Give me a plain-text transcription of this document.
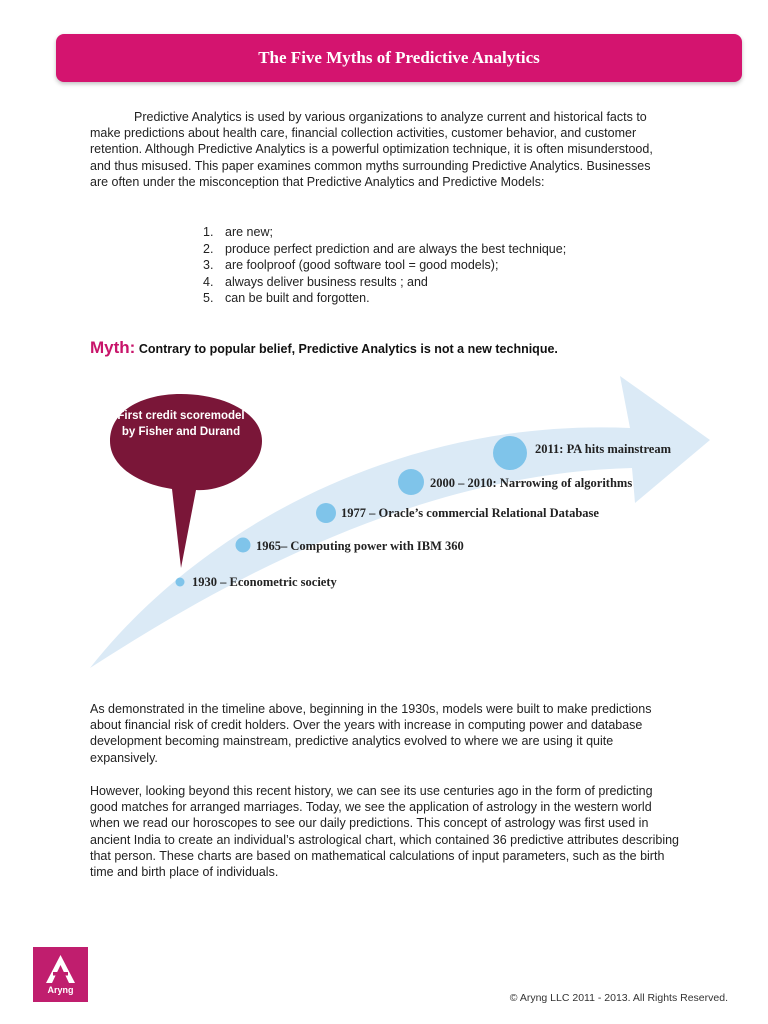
The Five Myths of Predictive Analytics

Predictive Analytics is used by various organizations to analyze current and historical facts to make predictions about health care, financial collection activities, customer behavior, and customer retention. Although Predictive Analytics is a powerful optimization technique, it is often misunderstood, and thus misused. This paper examines common myths surrounding Predictive Analytics. Businesses are often under the misconception that Predictive Analytics and Predictive Models:

1. are new;
2. produce perfect prediction and are always the best technique;
3. are foolproof (good software tool = good models);
4. always deliver business results ; and
5. can be built and forgotten.
Myth: Contrary to popular belief, Predictive Analytics is not a new technique.
First credit scoremodel by Fisher and Durand
1930 – Econometric society
1965– Computing power with IBM 360
1977 – Oracle’s commercial Relational Database
2000 – 2010: Narrowing of algorithms
2011: PA hits mainstream

As demonstrated in the timeline above, beginning in the 1930s, models were built to make predictions about financial risk of credit holders. Over the years with increase in computing power and database development becoming mainstream, predictive analytics evolved to where we are using it quite expansively.

However, looking beyond this recent history, we can see its use centuries ago in the form of predicting good matches for arranged marriages. Today, we see the application of astrology in the western world when we read our horoscopes to see our daily predictions. This concept of astrology was first used in ancient India to create an individual’s astrological chart, which contained 36 predictive attributes describing that person. These charts are based on mathematical calculations of input parameters, such as the birth time and birth place of individuals.

Aryng
© Aryng LLC 2011 - 2013. All Rights Reserved.
